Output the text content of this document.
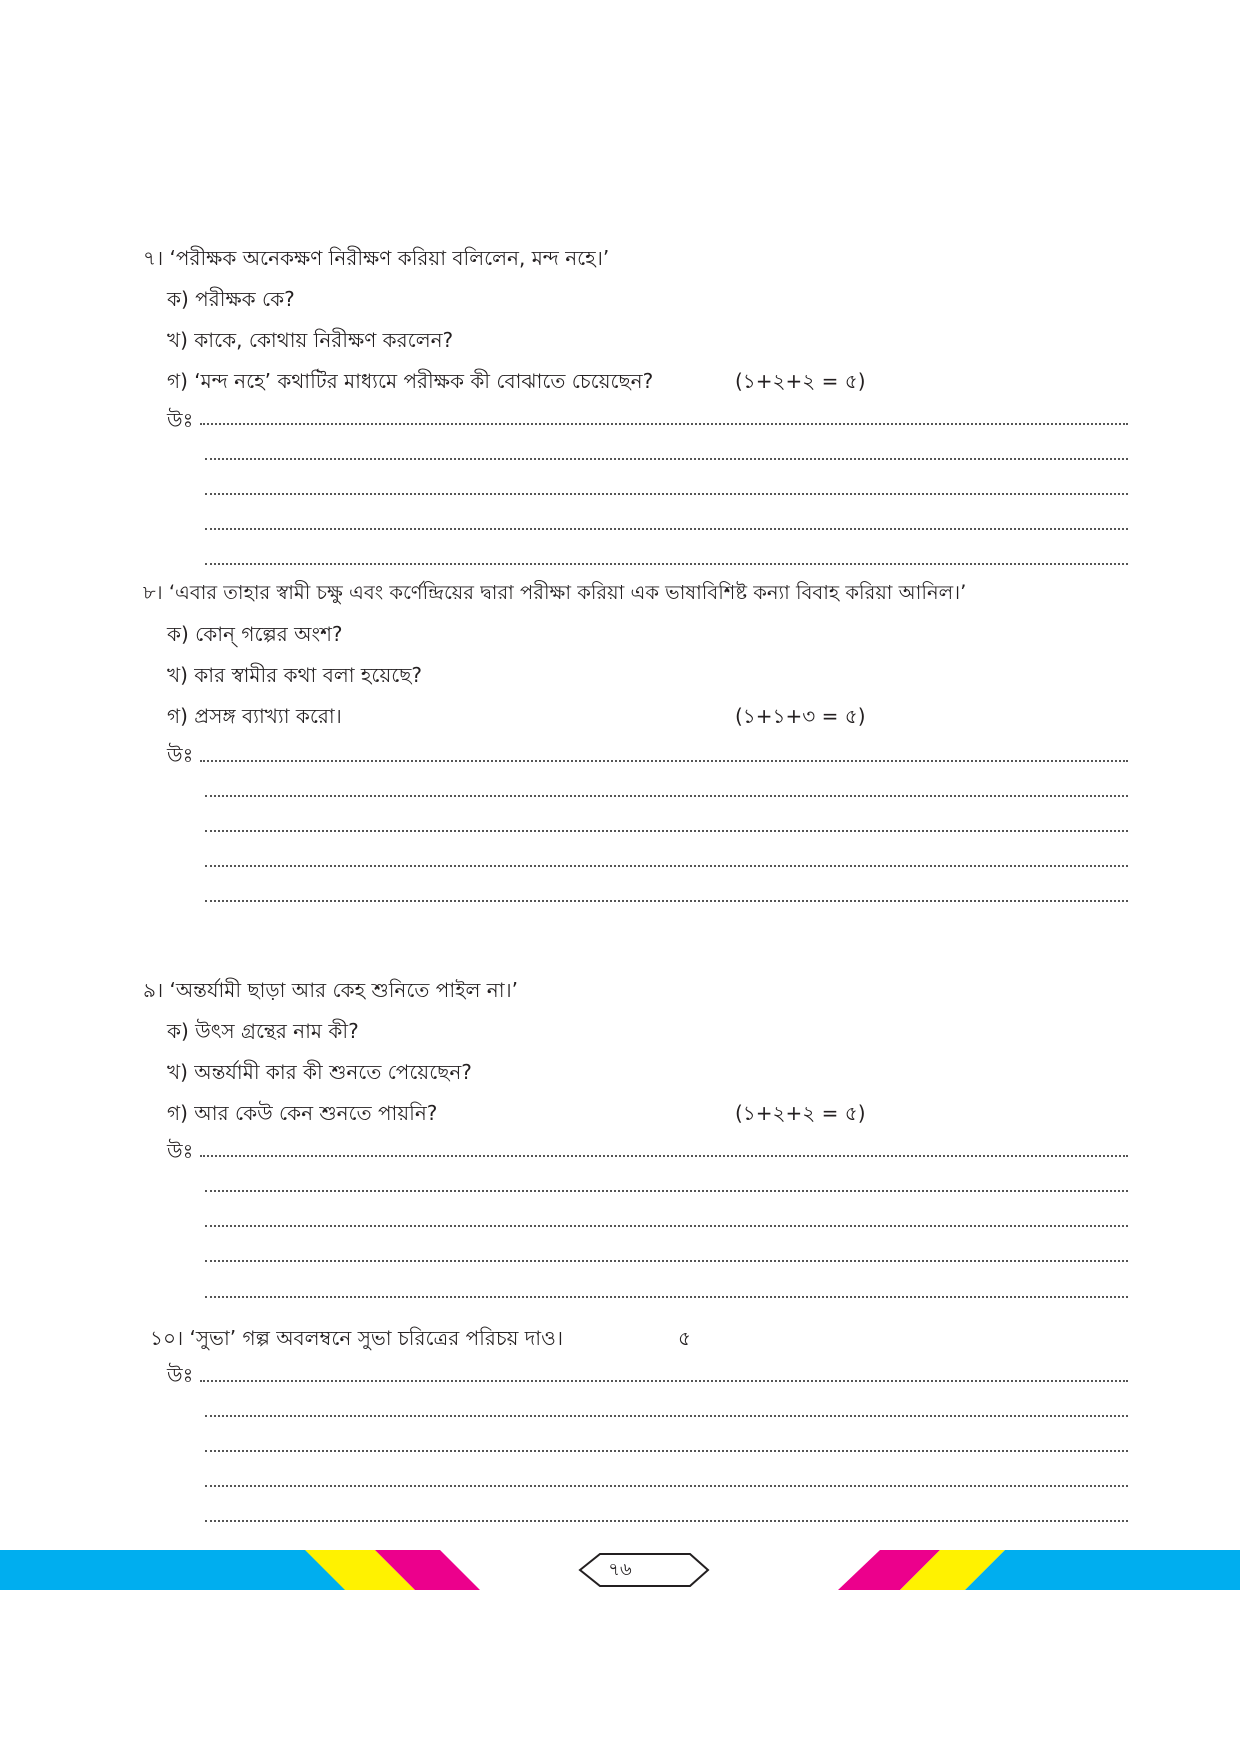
৭। ‘পরীক্ষক অনেকক্ষণ নিরীক্ষণ করিয়া বলিলেন, মন্দ নহে।’
ক) পরীক্ষক কে?
খ) কাকে, কোথায় নিরীক্ষণ করলেন?
গ) ‘মন্দ নহে’ কথাটির মাধ্যমে পরীক্ষক কী বোঝাতে চেয়েছেন?	(১+২+২ = ৫)
উঃ
৮। ‘এবার তাহার স্বামী চক্ষু এবং কর্ণেন্দ্রিয়ের দ্বারা পরীক্ষা করিয়া এক ভাষাবিশিষ্ট কন্যা বিবাহ করিয়া আনিল।’
ক) কোন্ গল্পের অংশ?
খ) কার স্বামীর কথা বলা হয়েছে?
গ) প্রসঙ্গ ব্যাখ্যা করো।	(১+১+৩ = ৫)
উঃ
৯। ‘অন্তর্যামী ছাড়া আর কেহ শুনিতে পাইল না।’
ক) উৎস গ্রন্থের নাম কী?
খ) অন্তর্যামী কার কী শুনতে পেয়েছেন?
গ) আর কেউ কেন শুনতে পায়নি?	(১+২+২ = ৫)
উঃ
১০। ‘সুভা’ গল্প অবলম্বনে সুভা চরিত্রের পরিচয় দাও।	৫
উঃ
৭৬
